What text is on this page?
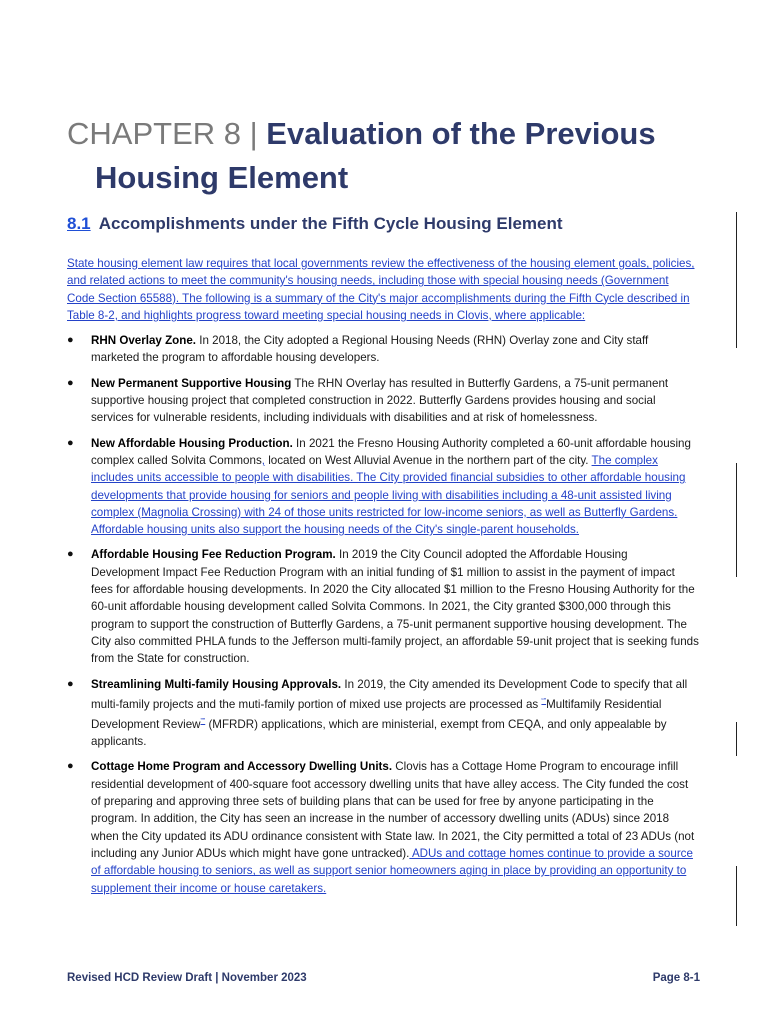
CHAPTER 8 | Evaluation of the Previous
Housing Element
8.1 Accomplishments under the Fifth Cycle Housing Element

State housing element law requires that local governments review the effectiveness of the housing element goals, policies, and related actions to meet the community's housing needs, including those with special housing needs (Government Code Section 65588). The following is a summary of the City's major accomplishments during the Fifth Cycle described in Table 8-2, and highlights progress toward meeting special housing needs in Clovis, where applicable:

● RHN Overlay Zone. In 2018, the City adopted a Regional Housing Needs (RHN) Overlay zone and City staff marketed the program to affordable housing developers.
● New Permanent Supportive Housing The RHN Overlay has resulted in Butterfly Gardens, a 75-unit permanent supportive housing project that completed construction in 2022. Butterfly Gardens provides housing and social services for vulnerable residents, including individuals with disabilities and at risk of homelessness.
● New Affordable Housing Production. In 2021 the Fresno Housing Authority completed a 60-unit affordable housing complex called Solvita Commons, located on West Alluvial Avenue in the northern part of the city. The complex includes units accessible to people with disabilities. The City provided financial subsidies to other affordable housing developments that provide housing for seniors and people living with disabilities including a 48-unit assisted living complex (Magnolia Crossing) with 24 of those units restricted for low-income seniors, as well as Butterfly Gardens. Affordable housing units also support the housing needs of the City's single-parent households.
● Affordable Housing Fee Reduction Program. In 2019 the City Council adopted the Affordable Housing Development Impact Fee Reduction Program with an initial funding of $1 million to assist in the payment of impact fees for affordable housing developments. In 2020 the City allocated $1 million to the Fresno Housing Authority for the 60-unit affordable housing development called Solvita Commons. In 2021, the City granted $300,000 through this program to support the construction of Butterfly Gardens, a 75-unit permanent supportive housing development. The City also committed PHLA funds to the Jefferson multi-family project, an affordable 59-unit project that is seeking funds from the State for construction.
● Streamlining Multi-family Housing Approvals. In 2019, the City amended its Development Code to specify that all multi-family projects and the muti-family portion of mixed use projects are processed as “”Multifamily Residential Development Review”” (MFRDR) applications, which are ministerial, exempt from CEQA, and only appealable by applicants.
● Cottage Home Program and Accessory Dwelling Units. Clovis has a Cottage Home Program to encourage infill residential development of 400-square foot accessory dwelling units that have alley access. The City funded the cost of preparing and approving three sets of building plans that can be used for free by anyone participating in the program. In addition, the City has seen an increase in the number of accessory dwelling units (ADUs) since 2018 when the City updated its ADU ordinance consistent with State law. In 2021, the City permitted a total of 23 ADUs (not including any Junior ADUs which might have gone untracked). ADUs and cottage homes continue to provide a source of affordable housing to seniors, as well as support senior homeowners aging in place by providing an opportunity to supplement their income or house caretakers.
Revised HCD Review Draft | November 2023	Page 8-1
